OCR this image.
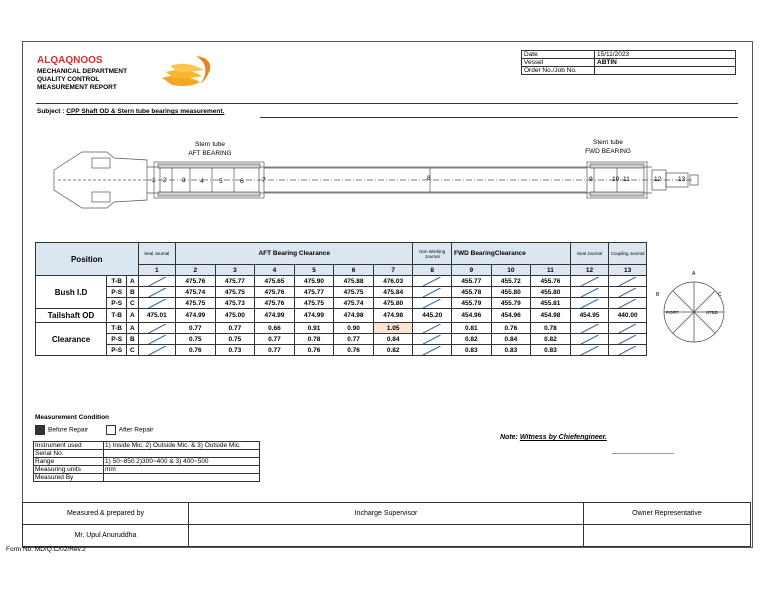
ALQAQNOOS
MECHANICAL DEPARTMENT
QUALITY CONTROL
MEASUREMENT REPORT
Date	15/11/2023
Vessel	ABTIN
Order No./Job No.	
Subject : CPP Shaft OD & Stern tube bearings measurement.
Stern tube
AFT BEARING
Stern tube
FWD BEARING
1 2 3 4 5	6	7	8	9	10 11	12	13
Position			Seal Journal	AFT Bearing Clearance						Non Working Journal	FWD BearingClearance			Seal Journal	Coupling Journal
			1	2	3	4	5	6	7	8	9	10	11	12	13
Bush I.D	T-B	A		475.76	475.77	475.65	475.90	475.88	476.03		455.77	455.72	455.76	

	P-S	B		475.74	475.75	475.76	475.77	475.75	475.84		455.78	455.80	455.80	

	P-S	C		475.75	475.73	475.76	475.75	475.74	475.80		455.79	455.79	455.81	

Tailshaft OD	T-B	A	475.01	474.99	475.00	474.99	474.99	474.98	474.98	445.20	454.96	454.96	454.98	454.95	440.00
Clearance	T-B	A		0.77	0.77	0.66	0.91	0.90	1.05		0.81	0.76	0.78	

	P-S	B		0.75	0.75	0.77	0.78	0.77	0.84		0.82	0.84	0.82	

	P-S	C		0.76	0.73	0.77	0.76	0.76	0.82		0.83	0.83	0.83	

A
B	C
PORT	STBD
Measurement Condition
Before Repair	After Repair
Instrument used	1) Inside Mic. 2) Outside Mic. & 3) Outside Mic.
Serial No.	
Range	1) 50~850 2)300~400 & 3) 400~500
Measuring units	mm
Measured By	
Note: Witness by Chiefengineer.
Measured & prepared by	Incharge Supervisor	Owner Representative
Mr. Upul Anuruddha		
Form No. MD/Q.C/02/Rev.2
